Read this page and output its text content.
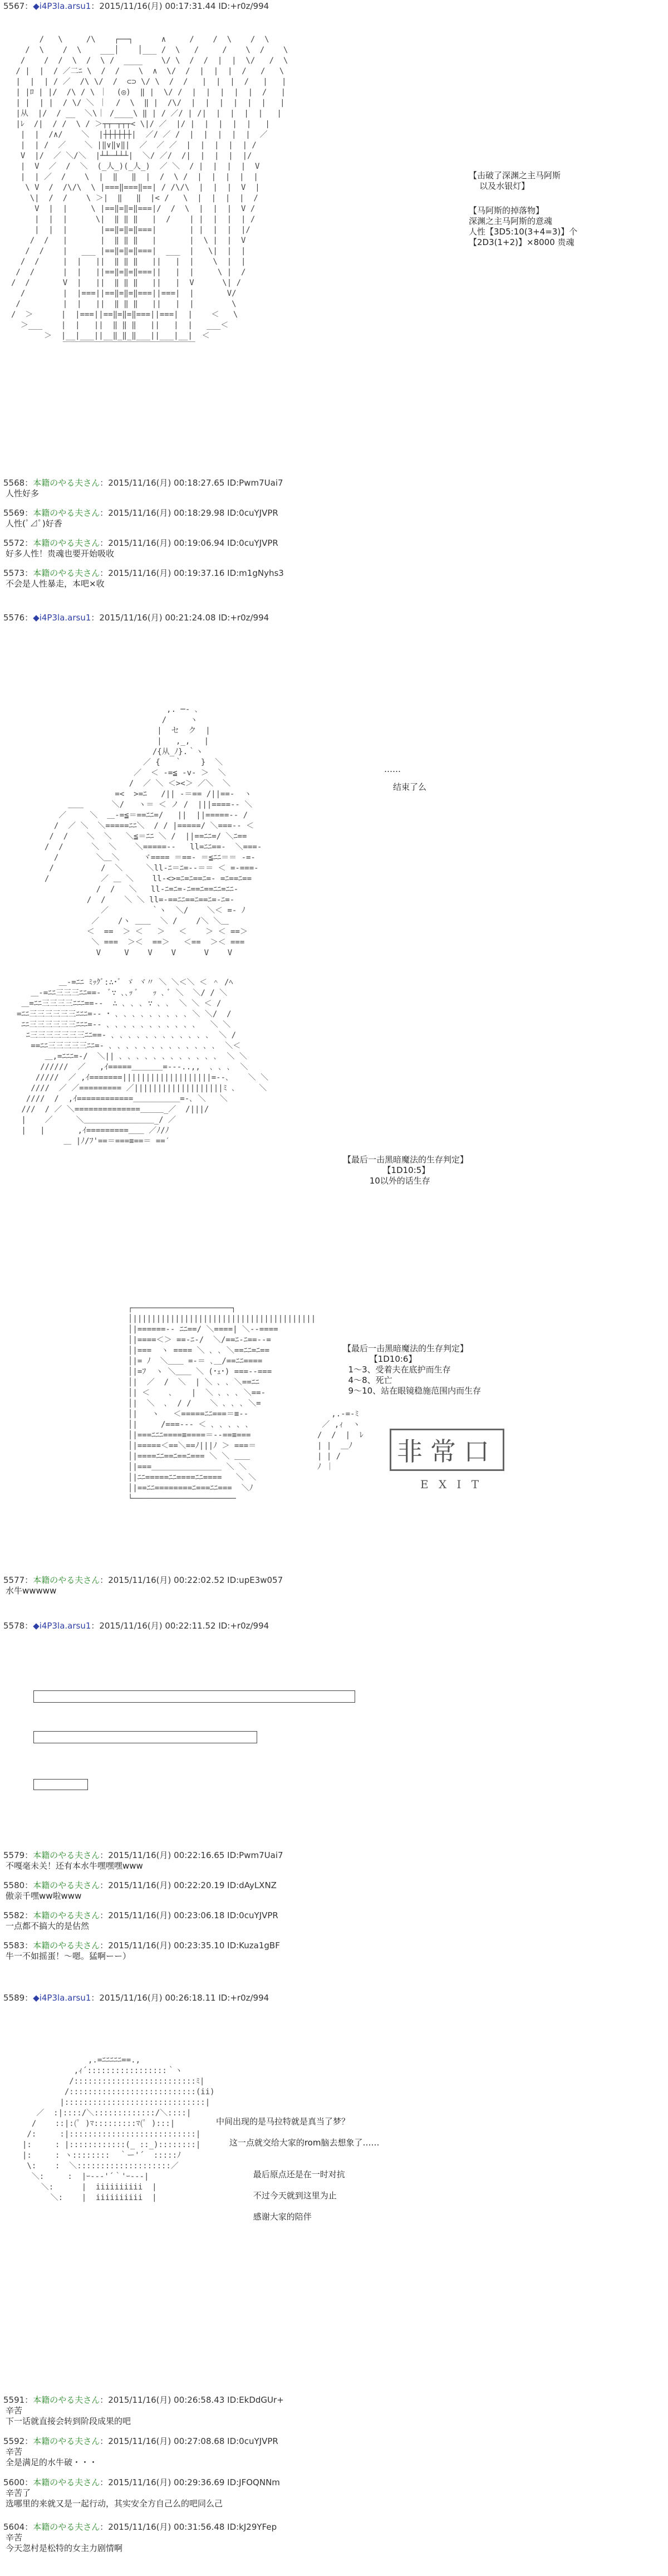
5567：◆i4P3la.arsu1：2015/11/16(月) 00:17:31.44 ID:+r0z/994
/   \     /\    ┌──┐      ∧     /    /  \    /  \
/  \    /  \    ___│    │___ /  \   /     /    \  /    \
/    /  /  \  /  \ /  ____    \/ \  /  /  |  |  \/   /  \
/ |  |  / ／二ﾆ \  /  /    \  ∧  \/  /  |  |  |  /   /   \
|  |  | / ／  /\ \/  /  ⊂⊃ \/ \  /  /   |  |  |  /   |   |
| |ﾛ | |/  /\ / \ ｜  (◎)  ‖ |  \/ /  |  |  |  |  |  /   |
| |  | |  / \/ ＼ ｜  /  \  ‖ |  /\/  |  |  |  |  |  |   |
|从  |/  / __  ＼\｜ /____\ ‖ | / ／/ | /|  |  |  |  |   |
|ﾚ  /|  / /  \ / ＞┬┬─┬┬┬< \|/ ／  |/ |  |  |  |  |   |
|  |  /∧/    ＼  |┼┼┼┼┼┼|  ／/ ／ /  |  |  |  |  |  ／
|  | /  ／    ＼ |‖∨‖∨‖|  ／  ／ ／  |  |  |  |  | /
V  |/  ／ ＼/＼  |┴┴─┴┴┴|  ＼/ ／/  /|  |  |  |  |/
|  V  ／  /  ＼  (_人_)(_人_)  ／ ＼  / |  |  |  |  V
|  | ／  /    \  |  ‖   ‖  |  /  \ /  |  |  |  |  |
\ V  /  /\/\  \ |===‖===‖==| / /\/\  |  |  |  V  |
\|  /  /    \ ＞|  ‖   ‖  |< /   \  |  |  |  |  /
V  |  |     \ |==‖=‖=‖===|/  /  \  |  |  |  V /
|  |  |      \|  ‖ ‖ ‖   |  /    | |  |  |  | /
|  |  |       |==‖=‖=‖===|       | |  |  |  |/
/  /   |       |  ‖ ‖ ‖   |       |  \ |  |  V
/  /    |   ___ |==‖=‖=‖===|  ___  |   \|  |  |
/  /     |  |   ||  ‖ ‖ ‖   ||   |  |    \  |  |
/  /      |  |   ||==‖=‖=‖===||   |  |     \ |  /
/  /       V  |   ||  ‖ ‖ ‖   ||   |  V      \| /
/        |  |===||==‖=‖=‖===||===|  |       V/
/         |  |   ||  ‖ ‖ ‖   ||   |  |        \
/  ＞      |  |===||==‖=‖=‖===||===|  |    ＜   \
＞___    |  |   ||  ‖ ‖ ‖   ||   |  |   ___＜
＞  |__|___||__‖_‖_‖___||___|__|  ＜
￣￣￣￣￣￣￣￣￣￣￣￣￣￣￣￣￣
【击破了深渊之主马阿斯
以及水银灯】
【马阿斯的掉落物】
深渊之主马阿斯的意魂
人性【3D5:10(3+4=3)】个
【2D3(1+2)】×8000 贵魂
5568：本籍のやる夫さん：2015/11/16(月) 00:18:27.65 ID:Pwm7Uai7
人性好多
5569：本籍のやる夫さん：2015/11/16(月) 00:18:29.98 ID:0cuYJVPR
人性(ﾟ⊿ﾟ)好香
5572：本籍のやる夫さん：2015/11/16(月) 00:19:06.94 ID:0cuYJVPR
好多人性！贵魂也要开始吸收
5573：本籍のやる夫さん：2015/11/16(月) 00:19:37.16 ID:m1gNyhs3
不会是人性暴走，本吧×收
5576：◆i4P3la.arsu1：2015/11/16(月) 00:21:24.08 ID:+r0z/994
,. ─- ､
/     ヽ
|  セ  ク  |
|   ,_,   |
/{从_ﾉ}.｀ヽ
／ {   ｀    }  ＼
／  ＜ -=≦ -v- ＞  ＼
/  ／ ＼ ＜><＞ ／＼  ＼
=<  >=ﾆ   /|| -＝== /||==-  ヽ
＿＿      ＼/   ヽ＝ ＜ ノ /  |||====-- ＼
／     ＼  ＿-=≦＝==ﾆﾆ=/   ||  ||=====-- /
/  ／ ＼  ＼=====ﾆﾆ＼  / / |=====/ ＼===-- ＜
/  /    ＼  ＼   ＼≦＝ﾆﾆ ＼ /  ||==ﾆﾆ=/ ＼ﾆ==
/  /      ＼  ＼    ＼=====--   ll=ﾆﾆ==-  ＼===-
/        ＼＿＼     ヾ==== ＝==- ＝≦ﾆﾆ＝＝ -=-
/          /  ＼     ＼ll-ﾆ＝ﾆ=--＝＝ ＜ =-===-
/           ／ ＿ ＼    ll-<>=ﾆ=ﾆ==ﾆ=- =ﾆ==ﾆ==
/  /   ＼   ll-ﾆ=ﾆ=-ﾆ==ﾆ==ﾆﾆ=ﾆﾆ-
/  /    ＼ ＼ ll=-==ﾆﾆ==ﾆ==ﾆ=-ﾆ=-
／         ｀ヽ  ＼/    ＼＜ =- ﾉ
／    /ヽ ＿＿  ＼ /    /＼ ＼＿
＜  ==  ＞ ＜   ＞   ＜    ＞ ＜ ==＞
＼ ===  ＞＜  ==＞   ＜==  ＞＜ ===
V     V    V    V      V    V
……
结束了么
＿-=ﾆﾆ ﾐｯｸﾞ:∴･ﾞ ゞ ヾ〃 ＼ ＼＜＼ ＜ ＾ /ﾍ
＿-=ﾆﾆ三三三ﾆﾆ==-  ﾞ∵ ､､ｯ ﾞ   ｯ ､ ﾞ ＼  ＼/ / ＼
＿=ﾆﾆ三三三三ﾆﾆﾆ==--  ∴ ､ ､ ､ ∵ ､ ､  ＼ ＼ ＜ /
=ﾆﾆ三三三三三三ﾆﾆﾆ=-- ･ ､ ､ ､ ､ ､ ､ ､ ､ ､ ＼ ＼/  /
ﾆﾆ三三三三三三ﾆﾆﾆ=-- ､ ､ ､ ､ ､ ､ ､ ､ ､ ､ ､   ＼ ＼
ﾆ三三三三三三三ﾆﾆ==- ､ ､ ､ ､ ､ ､ ､ ､ ､ ､ ､ ､  ＼ /
==ﾆﾆ三三三三三ﾆﾆ=- ､ ､ ､ ､ ､ ､ ､ ､ ､ ､ ､ ､ ､  ＼＜
＿,=ﾆﾆﾆ=-/  ＼|| ､ ､ ､ ､ ､ ､ ､ ､ ､ ､ ､ ､  ＼ ＼
//////  ／   ,ｲ=====＿＿＿＿=---..,,  ､ ､ ､  ＼
/////  ／ ,ｲ=======|||||||||||||||||||=--､    ＼ ＼
////  ／ ／========= ／|||||||||||||||||||ﾐ ､     ＼
////  /  ,ｲ============＿＿＿＿＿＿=-､ ＼   ＼
///  / ／ ＼==============＿＿＿_／  /|||/
|    ／     ＼＿＿＿＿＿＿＿＿＿_/ ／
|   |       ,ｲ=========＿＿ ／ﾉ/ﾉ
＿ |ﾉ/ﾌ'==＝===≡==＝ ==′
【最后一击黑暗魔法的生存判定】
【1D10:5】
10以外的话生存
┌─────────────────────┐
│|||||||||||||||||||||||||||||||||||||||
│|======-- ﾆﾆ==/ ＼====| ＼--====
│|====＜＞ ==-ﾆ-/  ＼/==ﾆ-ﾆ==--=
│|===  ヽ ==== ＼ ､ ､ ＼==ﾆﾆ=ﾆ==
│|= ﾉ  ＼＿＿ =-＝ ､＿/==ﾆﾆ====
│|=ﾌ  ヽ ＼＿＿ ＼ (･ｪ･) ===--===
│|  ／  /  ＼  | ＼ ､ ､ ＼==ﾆﾆ
│| ＜    ､    |  ＼ ､ ､ ､ ＼==-
│|  ＼  ､  / /    ＼ ､ ､ ､ ＼=
│|   ヽ   ＜=====ﾆﾆ===＝≡--
│|     /===--- ＜ ､ ､ ､ ､ ､
│|===ﾆﾆﾆ====≡====＝--==≡===
│|=====＜==＼==ﾉ|||ﾉ ＞ ===＝
│|====ﾆﾆ==ﾆ==ﾆ=== ＼ ＼ ＿＿
│|===＿＿＿＿＿＿＿＿＿ ＼ ＼
│|ﾆﾆ=====ﾆﾆ====ﾆﾆ====   ＼ ＼
│|==ﾆﾆ========ﾆ===ﾆﾆ===  ＼ﾉ
└──────────────────────
【最后一击黑暗魔法的生存判定】
【1D10:6】
1～3、受着夫在底护而生存
4～8、死亡
9～10、站在眼镜稳施范围内而生存
,.-=‐ﾐ
／ ,ｨ  ヽ
/  /  |  ﾚ
| |  ＿ﾉ
| | /
ﾉ ｜
非常口
E X I T
5577：本籍のやる夫さん：2015/11/16(月) 00:22:02.52 ID:upE3w057
水牛wwwww
5578：◆i4P3la.arsu1：2015/11/16(月) 00:22:11.52 ID:+r0z/994
5579：本籍のやる夫さん：2015/11/16(月) 00:22:16.65 ID:Pwm7Uai7
不嘎毫未关！还有本水牛嘿嘿嘿www
5580：本籍のやる夫さん：2015/11/16(月) 00:22:20.19 ID:dAyLXNZ
傲亲千嘿ww啦www
5582：本籍のやる夫さん：2015/11/16(月) 00:23:06.18 ID:0cuYJVPR
一点都不搞大的是估然
5583：本籍のやる夫さん：2015/11/16(月) 00:23:35.10 ID:Kuza1gBF
牛一不如摇蛋！～嗯。猛啊ーー）
5589：◆i4P3la.arsu1：2015/11/16(月) 00:26:18.11 ID:+r0z/994
,.=ﾆﾆﾆﾆﾆ==.,
,ｨ´:::::::::::::::::｀ヽ
/::::::::::::::::::::::::::ﾐ|
/:::::::::::::::::::::::::::(ii)
|::::::::::::::::::::::::::::::|
／  :|::::/＼:::::::::::::/＼::::|
/    ::|:(ﾟ )ﾏ:::::::::ﾏ(ﾟ ):::|
/:     :|:::::::::::::::::::::::::::|
|:     : |::::::::::::(_ ::_)::::::::|
|:     : ヽ::::::::  ｀ー'´  :::::ﾉ
\:    :  ＼::::::::::::::::::::／
＼:     :  |ｰ--‐'´｀'ｰ--‐|
＼:      |  iiiiiiiiii  |
＼:    |  iiiiiiiiii  |
中间出现的是马拉特就是真当了梦？

这一点就交给大家的rom脑去想象了……

最后原点还是在一时对抗

不过今天就到这里为止

感谢大家的陪伴
5591：本籍のやる夫さん：2015/11/16(月) 00:26:58.43 ID:EkDdGUr+
辛苦
下一话就直接会转到阶段成果的吧
5592：本籍のやる夫さん：2015/11/16(月) 00:27:08.68 ID:0cuYJVPR
辛苦
全是满足的水牛破・・・
5600：本籍のやる夫さん：2015/11/16(月) 00:29:36.69 ID:JFOQNNm
辛苦了
选哪里的来就又是一起行动，其实安全方自己么的吧同么己
5604：本籍のやる夫さん：2015/11/16(月) 00:31:56.48 ID:kJ29YFep
辛苦
今天忽村是松特的女主力剧情啊
